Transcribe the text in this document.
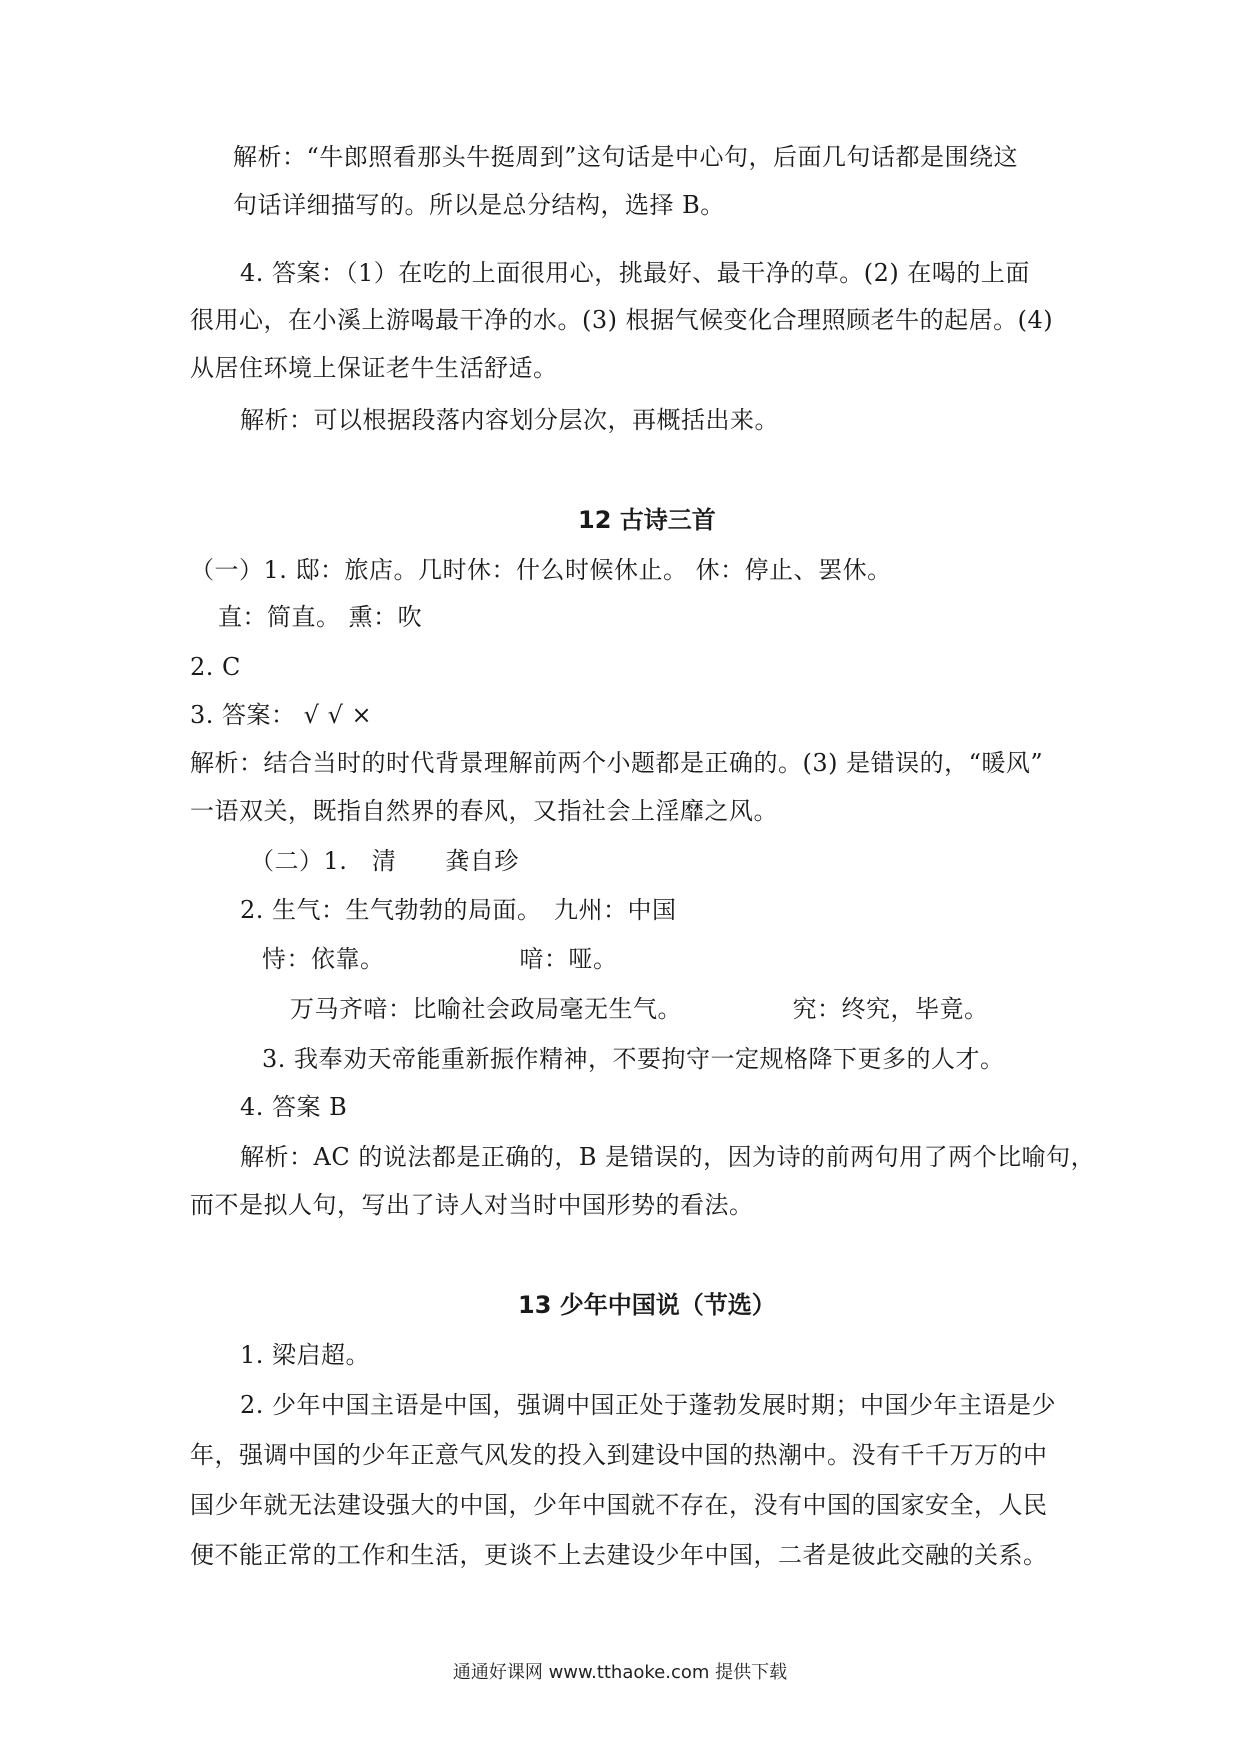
解析：“牛郎照看那头牛挺周到”这句话是中心句，后面几句话都是围绕这
句话详细描写的。所以是总分结构，选择 B。
4. 答案：（1）在吃的上面很用心，挑最好、最干净的草。(2) 在喝的上面
很用心，在小溪上游喝最干净的水。(3) 根据气候变化合理照顾老牛的起居。(4)
从居住环境上保证老牛生活舒适。
解析：可以根据段落内容划分层次，再概括出来。
12 古诗三首
（一）1. 邸：旅店。几时休：什么时候休止。 休：停止、罢休。
直：简直。 熏：吹
2. C
3. 答案： √ √ ×
解析：结合当时的时代背景理解前两个小题都是正确的。(3) 是错误的，“暖风”
一语双关，既指自然界的春风，又指社会上淫靡之风。
（二）1.　清　　龚自珍
2. 生气：生气勃勃的局面。　九州：中国
恃：依靠。　　　　　　喑：哑。
万马齐喑：比喻社会政局毫无生气。　　　　　究：终究，毕竟。
3. 我奉劝天帝能重新振作精神，不要拘守一定规格降下更多的人才。
4. 答案 B
解析：AC 的说法都是正确的，B 是错误的，因为诗的前两句用了两个比喻句，
而不是拟人句，写出了诗人对当时中国形势的看法。
13 少年中国说（节选）
1. 梁启超。
2. 少年中国主语是中国，强调中国正处于蓬勃发展时期；中国少年主语是少
年，强调中国的少年正意气风发的投入到建设中国的热潮中。没有千千万万的中
国少年就无法建设强大的中国，少年中国就不存在，没有中国的国家安全，人民
便不能正常的工作和生活，更谈不上去建设少年中国，二者是彼此交融的关系。
通通好课网 www.tthaoke.com 提供下载
